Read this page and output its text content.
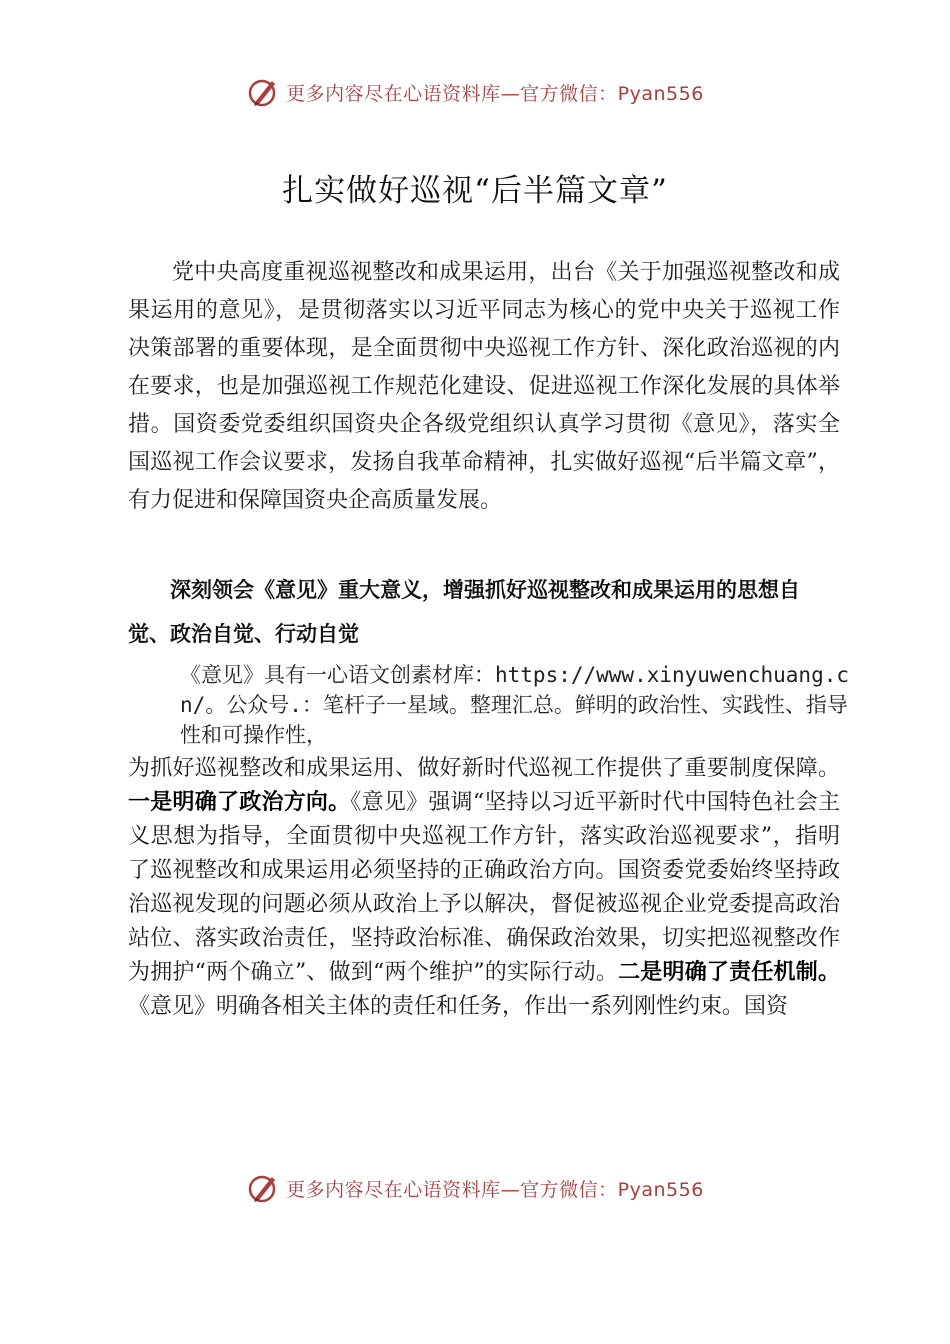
更多内容尽在心语资料库—官方微信：Pyan556
扎实做好巡视“后半篇文章”
党中央高度重视巡视整改和成果运用，出台《关于加强巡视整改和成果运用的意见》，是贯彻落实以习近平同志为核心的党中央关于巡视工作决策部署的重要体现，是全面贯彻中央巡视工作方针、深化政治巡视的内在要求，也是加强巡视工作规范化建设、促进巡视工作深化发展的具体举措。国资委党委组织国资央企各级党组织认真学习贯彻《意见》，落实全国巡视工作会议要求，发扬自我革命精神，扎实做好巡视“后半篇文章”，有力促进和保障国资央企高质量发展。
深刻领会《意见》重大意义，增强抓好巡视整改和成果运用的思想自觉、政治自觉、行动自觉
《意见》具有一心语文创素材库：https://www.xinyuwenchuang.cn/。公众号.：笔杆子一星域。整理汇总。鲜明的政治性、实践性、指导性和可操作性，
为抓好巡视整改和成果运用、做好新时代巡视工作提供了重要制度保障。一是明确了政治方向。《意见》强调“坚持以习近平新时代中国特色社会主义思想为指导，全面贯彻中央巡视工作方针，落实政治巡视要求”，指明了巡视整改和成果运用必须坚持的正确政治方向。国资委党委始终坚持政治巡视发现的问题必须从政治上予以解决，督促被巡视企业党委提高政治站位、落实政治责任，坚持政治标准、确保政治效果，切实把巡视整改作为拥护“两个确立”、做到“两个维护”的实际行动。二是明确了责任机制。《意见》明确各相关主体的责任和任务，作出一系列刚性约束。国资
更多内容尽在心语资料库—官方微信：Pyan556
